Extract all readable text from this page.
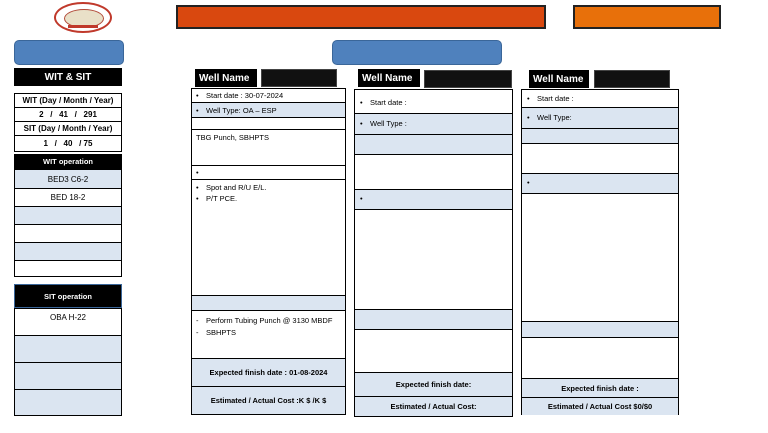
WIT & SIT
WIT (Day / Month / Year)
2   /   41   /   291
SIT (Day / Month / Year)
1   /   40   / 75
WIT operation
BED3 C6-2
BED 18-2
SIT operation
OBA H-22
Well Name
• Start date : 30-07-2024
• Well Type: OA – ESP
TBG Punch, SBHPTS
•
• Spot and R/U E/L.
• P/T PCE.
- Perform Tubing Punch @ 3130 MBDF
- SBHPTS
Expected finish date : 01-08-2024
Estimated / Actual Cost :K $ /K $
Well Name
• Start date :
• Well Type :
•
Expected finish date:
Estimated / Actual Cost:
Well Name
• Start date :
• Well Type:
•
Expected finish date :
Estimated / Actual Cost $0/$0
